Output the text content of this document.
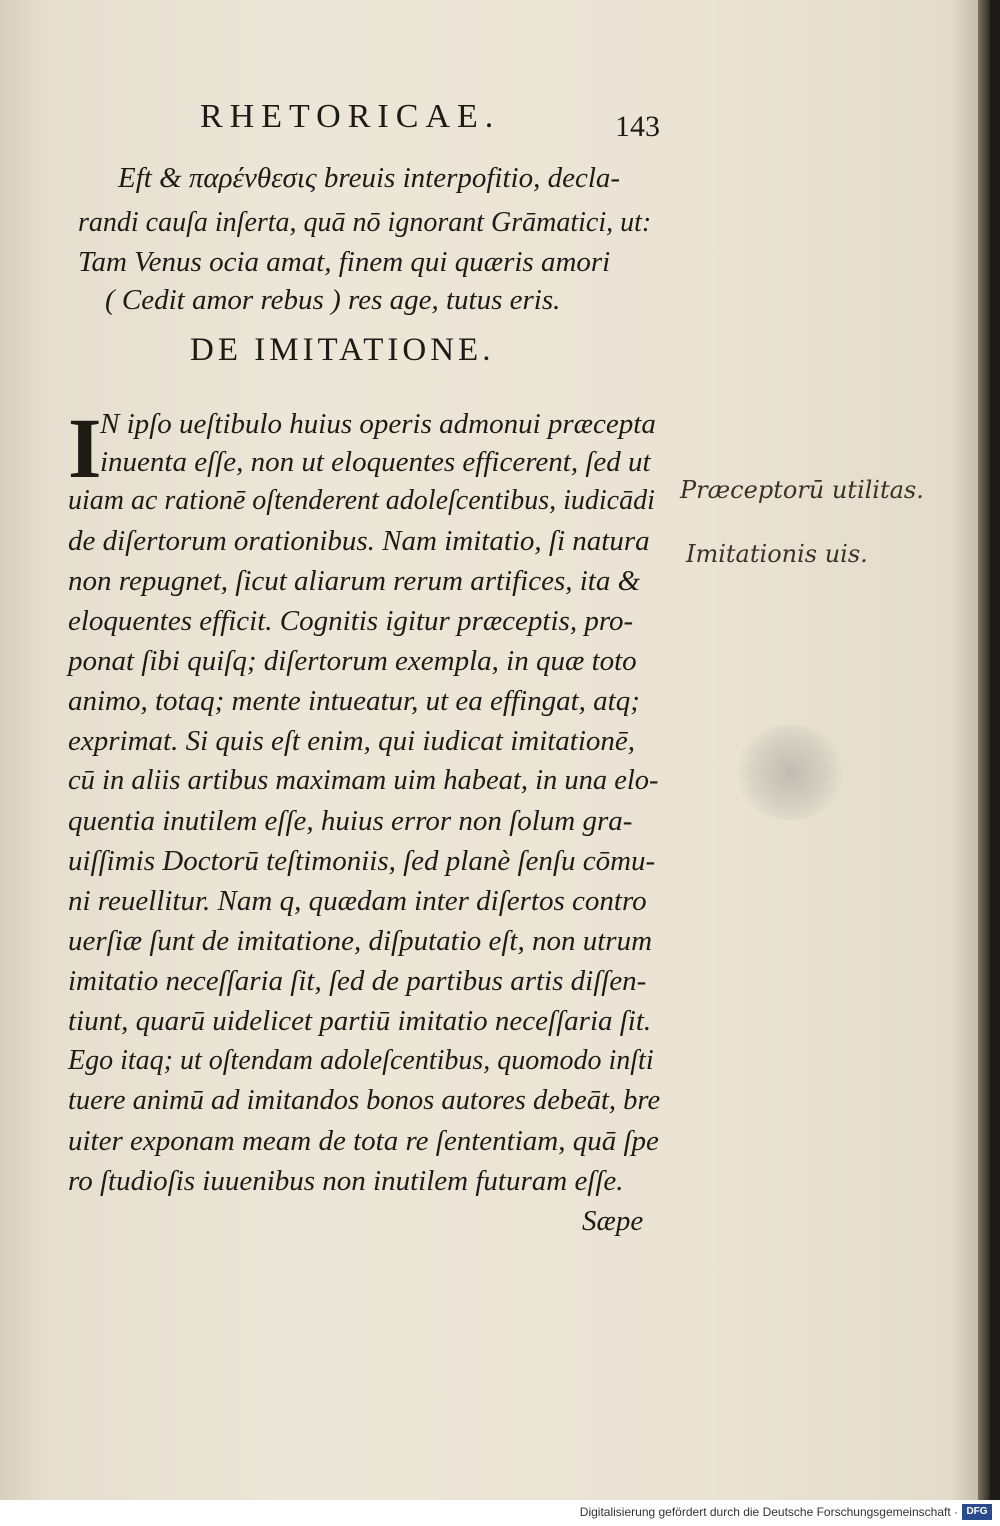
RHETORICAE.	143
Eft & παρένθεσις breuis interpofitio, decla-
randi cauſa inſerta, quā nō ignorant Grāmatici, ut:
Tam Venus ocia amat, finem qui quæris amori
( Cedit amor rebus ) res age, tutus eris.
DE IMITATIONE.
I
N ipſo ueſtibulo huius operis admonui præcepta
inuenta eſſe, non ut eloquentes efficerent, ſed ut
uiam ac rationē oſtenderent adoleſcentibus, iudicādi
de diſertorum orationibus. Nam imitatio, ſi natura
non repugnet, ſicut aliarum rerum artifices, ita &
eloquentes efficit. Cognitis igitur præceptis, pro-
ponat ſibi quiſq; diſertorum exempla, in quæ toto
animo, totaq; mente intueatur, ut ea effingat, atq;
exprimat. Si quis eſt enim, qui iudicat imitationē,
cū in aliis artibus maximam uim habeat, in una elo-
quentia inutilem eſſe, huius error non ſolum gra-
uiſſimis Doctorū teſtimoniis, ſed planè ſenſu cōmu-
ni reuellitur. Nam q, quædam inter diſertos contro
uerſiæ ſunt de imitatione, diſputatio eſt, non utrum
imitatio neceſſaria ſit, ſed de partibus artis diſſen-
tiunt, quarū uidelicet partiū imitatio neceſſaria ſit.
Ego itaq; ut oſtendam adoleſcentibus, quomodo inſti
tuere animū ad imitandos bonos autores debeāt, bre
uiter exponam meam de tota re ſententiam, quā ſpe
ro ſtudioſis iuuenibus non inutilem futuram eſſe.
Sæpe
Præceptorū utilitas.
Imitationis uis.
Digitalisierung gefördert durch die Deutsche Forschungsgemeinschaft · DFG
